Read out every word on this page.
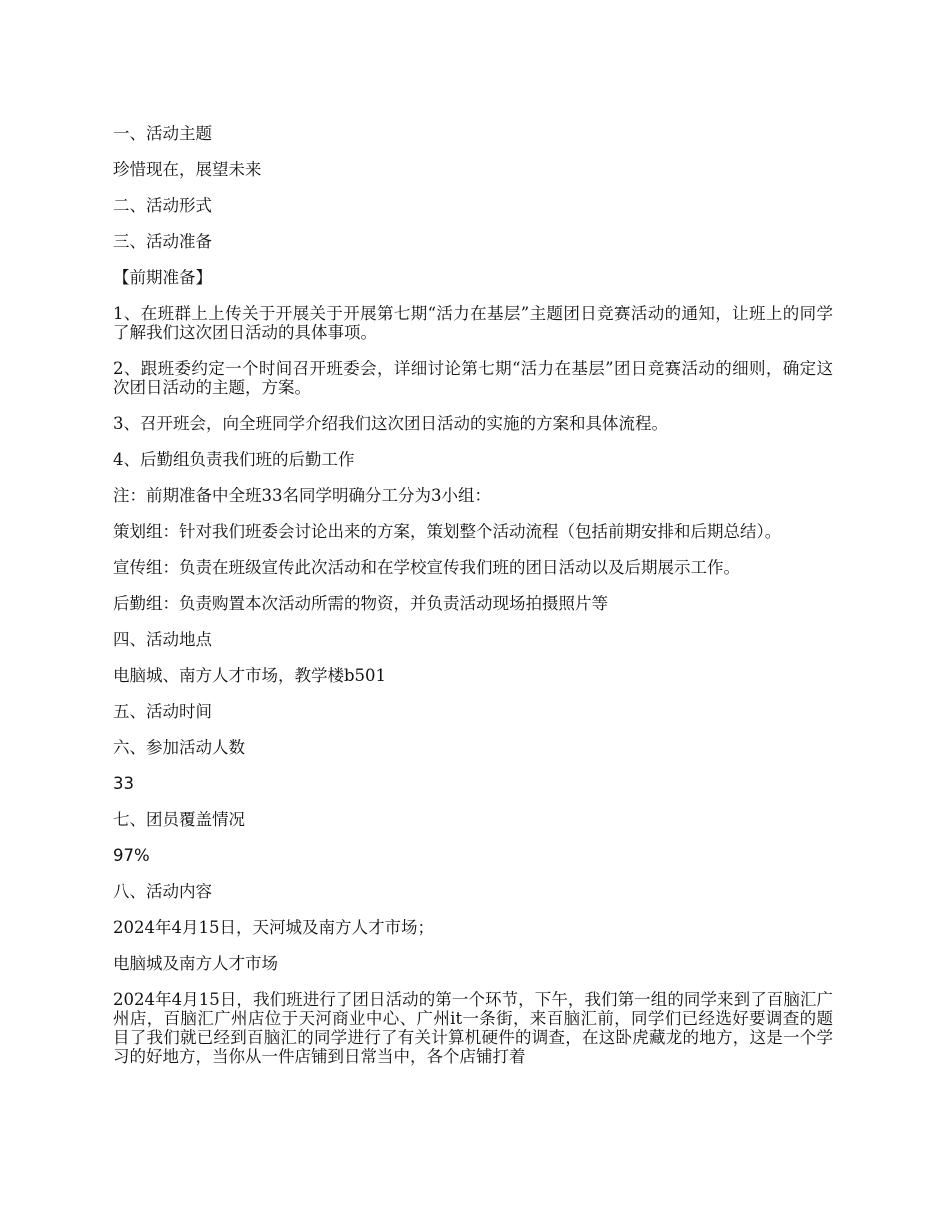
一、活动主题

珍惜现在，展望未来

二、活动形式

三、活动准备

【前期准备】

1、在班群上上传关于开展关于开展第七期“活力在基层”主题团日竞赛活动的通知，让班上的同学了解我们这次团日活动的具体事项。

2、跟班委约定一个时间召开班委会，详细讨论第七期“活力在基层”团日竞赛活动的细则，确定这次团日活动的主题，方案。

3、召开班会，向全班同学介绍我们这次团日活动的实施的方案和具体流程。

4、后勤组负责我们班的后勤工作

注：前期准备中全班33名同学明确分工分为3小组：

策划组：针对我们班委会讨论出来的方案，策划整个活动流程（包括前期安排和后期总结）。

宣传组：负责在班级宣传此次活动和在学校宣传我们班的团日活动以及后期展示工作。

后勤组：负责购置本次活动所需的物资，并负责活动现场拍摄照片等

四、活动地点

电脑城、南方人才市场，教学楼b501

五、活动时间

六、参加活动人数

33

七、团员覆盖情况

97%

八、活动内容

2024年4月15日，天河城及南方人才市场；

电脑城及南方人才市场

2024年4月15日，我们班进行了团日活动的第一个环节，下午，我们第一组的同学来到了百脑汇广州店，百脑汇广州店位于天河商业中心、广州it一条街，来百脑汇前，同学们已经选好要调查的题目了我们就已经到百脑汇的同学进行了有关计算机硬件的调查，在这卧虎藏龙的地方，这是一个学习的好地方，当你从一件店铺到日常当中，各个店铺打着
